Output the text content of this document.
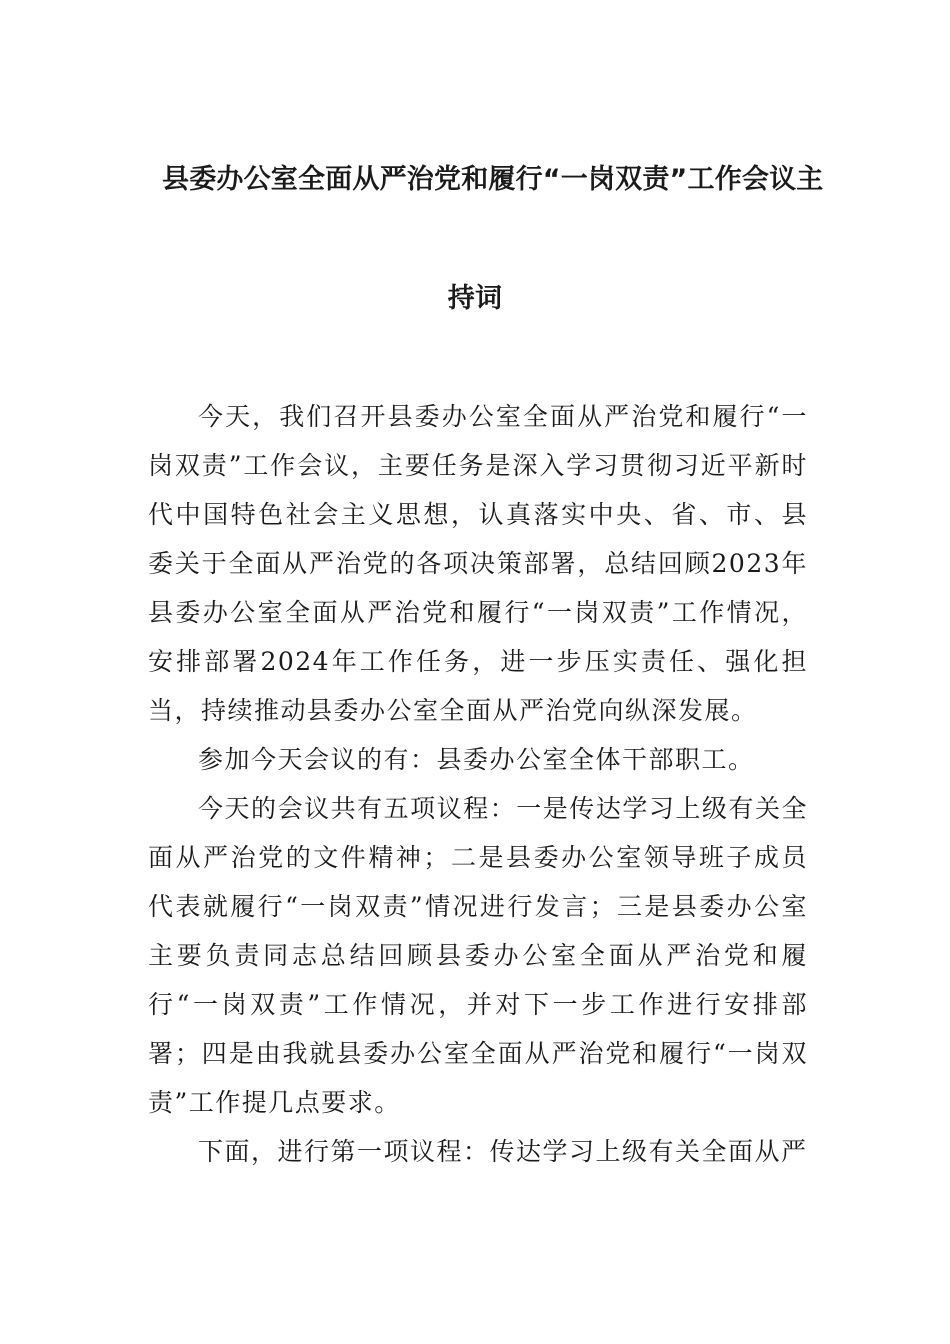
县委办公室全面从严治党和履行“一岗双责”工作会议主
持词

今天，我们召开县委办公室全面从严治党和履行“一岗双责”工作会议，主要任务是深入学习贯彻习近平新时代中国特色社会主义思想，认真落实中央、省、市、县委关于全面从严治党的各项决策部署，总结回顾2023年县委办公室全面从严治党和履行“一岗双责”工作情况，安排部署2024年工作任务，进一步压实责任、强化担当，持续推动县委办公室全面从严治党向纵深发展。

参加今天会议的有：县委办公室全体干部职工。

今天的会议共有五项议程：一是传达学习上级有关全面从严治党的文件精神；二是县委办公室领导班子成员代表就履行“一岗双责”情况进行发言；三是县委办公室主要负责同志总结回顾县委办公室全面从严治党和履行“一岗双责”工作情况，并对下一步工作进行安排部署；四是由我就县委办公室全面从严治党和履行“一岗双责”工作提几点要求。

下面，进行第一项议程：传达学习上级有关全面从严
